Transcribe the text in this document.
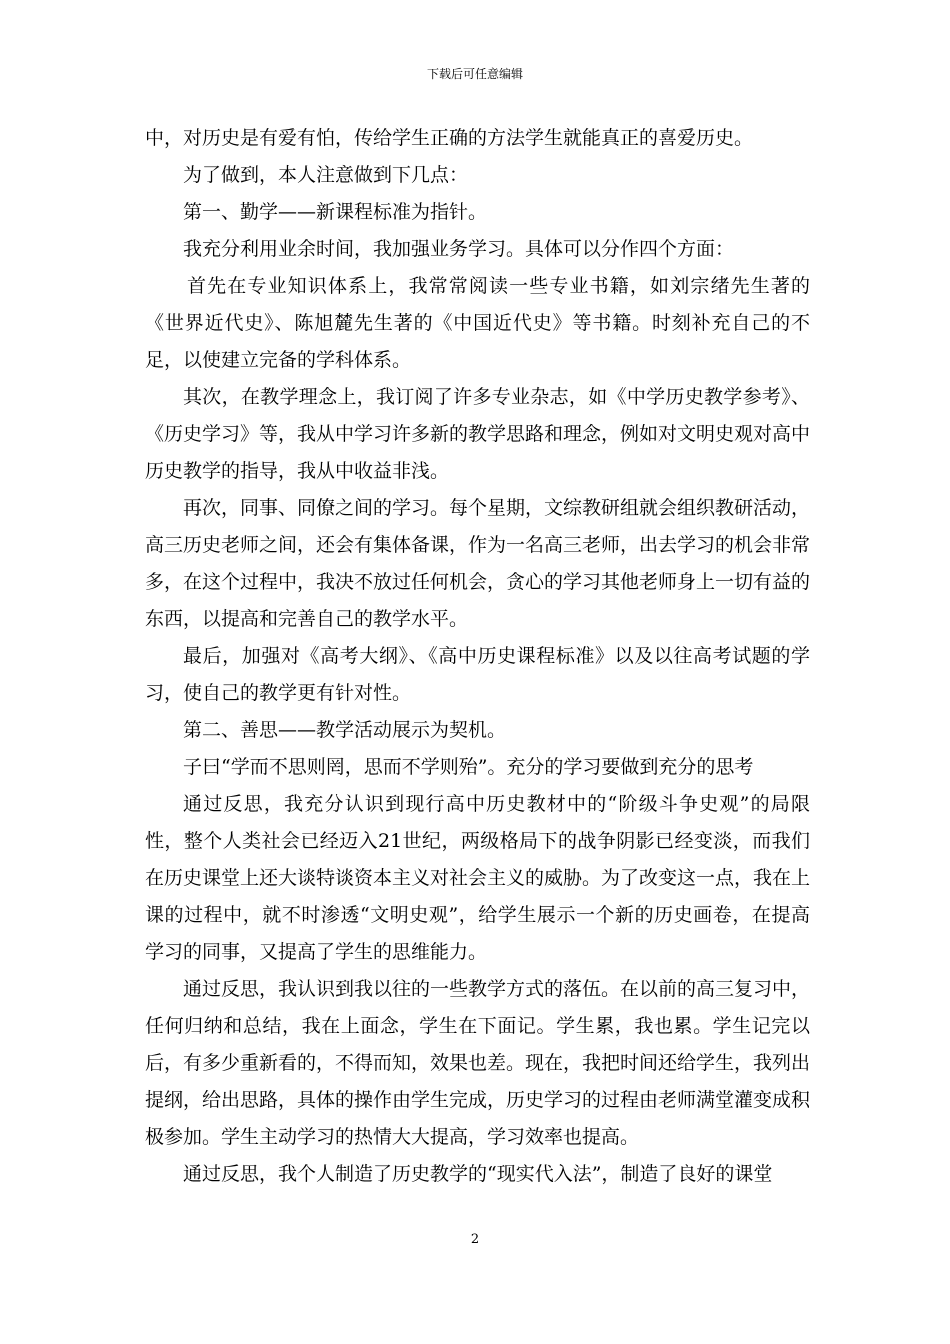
下载后可任意编辑

中，对历史是有爱有怕，传给学生正确的方法学生就能真正的喜爱历史。

为了做到，本人注意做到下几点：

第一、勤学——新课程标准为指针。

我充分利用业余时间，我加强业务学习。具体可以分作四个方面：

首先在专业知识体系上，我常常阅读一些专业书籍，如刘宗绪先生著的《世界近代史》、陈旭麓先生著的《中国近代史》等书籍。时刻补充自己的不足，以使建立完备的学科体系。

其次，在教学理念上，我订阅了许多专业杂志，如《中学历史教学参考》、《历史学习》等，我从中学习许多新的教学思路和理念，例如对文明史观对高中历史教学的指导，我从中收益非浅。

再次，同事、同僚之间的学习。每个星期，文综教研组就会组织教研活动，高三历史老师之间，还会有集体备课，作为一名高三老师，出去学习的机会非常多，在这个过程中，我决不放过任何机会，贪心的学习其他老师身上一切有益的东西，以提高和完善自己的教学水平。

最后，加强对《高考大纲》、《高中历史课程标准》以及以往高考试题的学习，使自己的教学更有针对性。

第二、善思——教学活动展示为契机。

子曰“学而不思则罔，思而不学则殆”。充分的学习要做到充分的思考

通过反思，我充分认识到现行高中历史教材中的“阶级斗争史观”的局限性，整个人类社会已经迈入21世纪，两级格局下的战争阴影已经变淡，而我们在历史课堂上还大谈特谈资本主义对社会主义的威胁。为了改变这一点，我在上课的过程中，就不时渗透“文明史观”，给学生展示一个新的历史画卷，在提高学习的同事，又提高了学生的思维能力。

通过反思，我认识到我以往的一些教学方式的落伍。在以前的高三复习中，任何归纳和总结，我在上面念，学生在下面记。学生累，我也累。学生记完以后，有多少重新看的，不得而知，效果也差。现在，我把时间还给学生，我列出提纲，给出思路，具体的操作由学生完成，历史学习的过程由老师满堂灌变成积极参加。学生主动学习的热情大大提高，学习效率也提高。

通过反思，我个人制造了历史教学的“现实代入法”，制造了良好的课堂

2
